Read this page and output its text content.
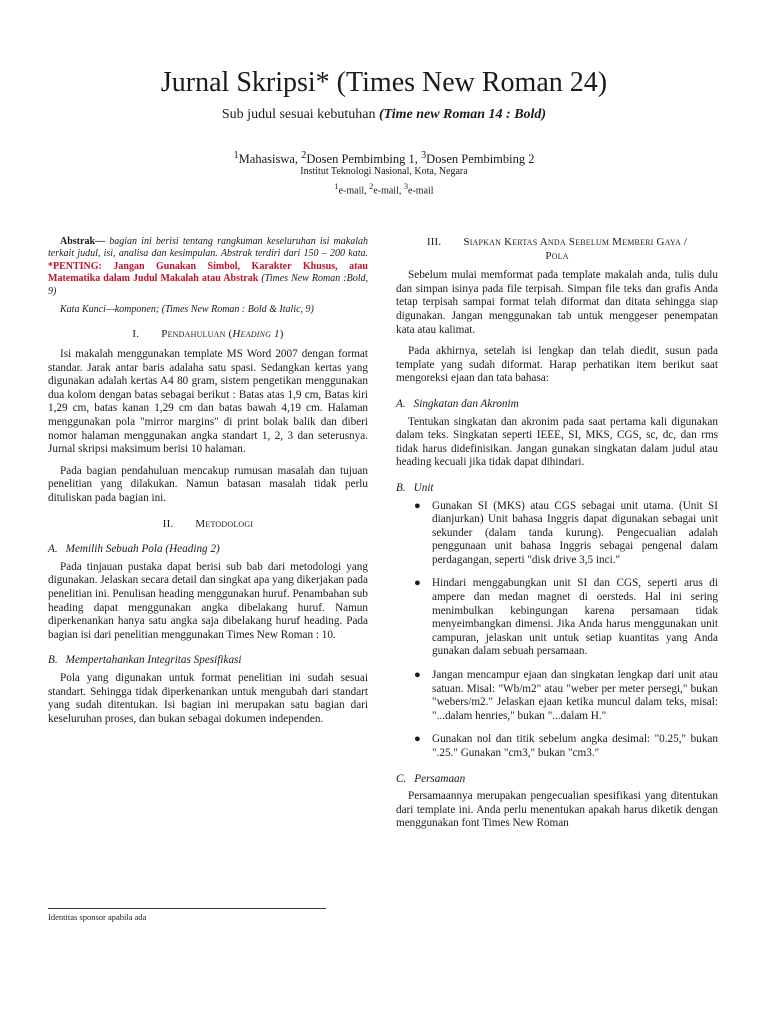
Jurnal Skripsi* (Times New Roman 24)
Sub judul sesuai kebutuhan (Time new Roman 14 : Bold)
$^1$Mahasiswa, $^2$Dosen Pembimbing 1, $^3$Dosen Pembimbing 2
Institut Teknologi Nasional, Kota, Negara
$^1$e-mail, $^2$e-mail, $^3$e-mail

Abstrak— bagian ini berisi tentang rangkuman keseluruhan isi makalah terkait judul, isi, analisa dan kesimpulan. Abstrak terdiri dari 150 – 200 kata. *PENTING: Jangan Gunakan Simbol, Karakter Khusus, atau Matematika dalam Judul Makalah atau Abstrak (Times New Roman :Bold, 9)

Kata Kunci—komponen; (Times New Roman : Bold & Italic, 9)

I. Pendahuluan (Heading 1)

Isi makalah menggunakan template MS Word 2007 dengan format standar. Jarak antar baris adalaha satu spasi. Sedangkan kertas yang digunakan adalah kertas A4 80 gram, sistem pengetikan menggunakan dua kolom dengan batas sebagai berikut : Batas atas 1,9 cm, Batas kiri 1,29 cm, batas kanan 1,29 cm dan batas bawah 4,19 cm. Halaman menggunakan pola "mirror margins" di print bolak balik dan diberi nomor halaman menggunakan angka standart 1, 2, 3 dan seterusnya. Jurnal skripsi maksimum berisi 10 halaman.

Pada bagian pendahuluan mencakup rumusan masalah dan tujuan penelitian yang dilakukan. Namun batasan masalah tidak perlu dituliskan pada bagian ini.

II. Metodologi
A. Memilih Sebuah Pola (Heading 2)

Pada tinjauan pustaka dapat berisi sub bab dari metodologi yang digunakan. Jelaskan secara detail dan singkat apa yang dikerjakan pada penelitian ini. Penulisan heading menggunakan huruf. Penambahan sub heading dapat menggunakan angka dibelakang huruf. Namun diperkenankan hanya satu angka saja dibelakang huruf heading. Pada bagian isi dari penelitian menggunakan Times New Roman : 10.

B. Mempertahankan Integritas Spesifikasi

Pola yang digunakan untuk format penelitian ini sudah sesuai standart. Sehingga tidak diperkenankan untuk mengubah dari standart yang sudah ditentukan. Isi bagian ini merupakan satu bagian dari keseluruhan proses, dan bukan sebagai dokumen independen.

III. Siapkan Kertas Anda Sebelum Memberi Gaya /
Pola

Sebelum mulai memformat pada template makalah anda, tulis dulu dan simpan isinya pada file terpisah. Simpan file teks dan grafis Anda tetap terpisah sampai format telah diformat dan ditata sehingga siap digunakan. Jangan menggunakan tab untuk menggeser penempatan kata atau kalimat.

Pada akhirnya, setelah isi lengkap dan telah diedit, susun pada template yang sudah diformat. Harap perhatikan item berikut saat mengoreksi ejaan dan tata bahasa:

A. Singkatan dan Akronim

Tentukan singkatan dan akronim pada saat pertama kali digunakan dalam teks. Singkatan seperti IEEE, SI, MKS, CGS, sc, dc, dan rms tidak harus didefinisikan. Jangan gunakan singkatan dalam judul atau heading kecuali jika tidak dapat dihindari.

B. Unit
● Gunakan SI (MKS) atau CGS sebagai unit utama. (Unit SI dianjurkan) Unit bahasa Inggris dapat digunakan sebagai unit sekunder (dalam tanda kurung). Pengecualian adalah penggunaan unit bahasa Inggris sebagai pengenal dalam perdagangan, seperti "disk drive 3,5 inci."
● Hindari menggabungkan unit SI dan CGS, seperti arus di ampere dan medan magnet di oersteds. Hal ini sering menimbulkan kebingungan karena persamaan tidak menyeimbangkan dimensi. Jika Anda harus menggunakan unit campuran, jelaskan unit untuk setiap kuantitas yang Anda gunakan dalam sebuah persamaan.
● Jangan mencampur ejaan dan singkatan lengkap dari unit atau satuan. Misal: "Wb/m2" atau "weber per meter persegi," bukan "webers/m2." Jelaskan ejaan ketika muncul dalam teks, misal: "...dalam henries," bukan "...dalam H."
● Gunakan nol dan titik sebelum angka desimal: "0.25," bukan ".25." Gunakan "cm3," bukan "cm3."
C. Persamaan

Persamaannya merupakan pengecualian spesifikasi yang ditentukan dari template ini. Anda perlu menentukan apakah harus diketik dengan menggunakan font Times New Roman

Identitas sponsor apabila ada
